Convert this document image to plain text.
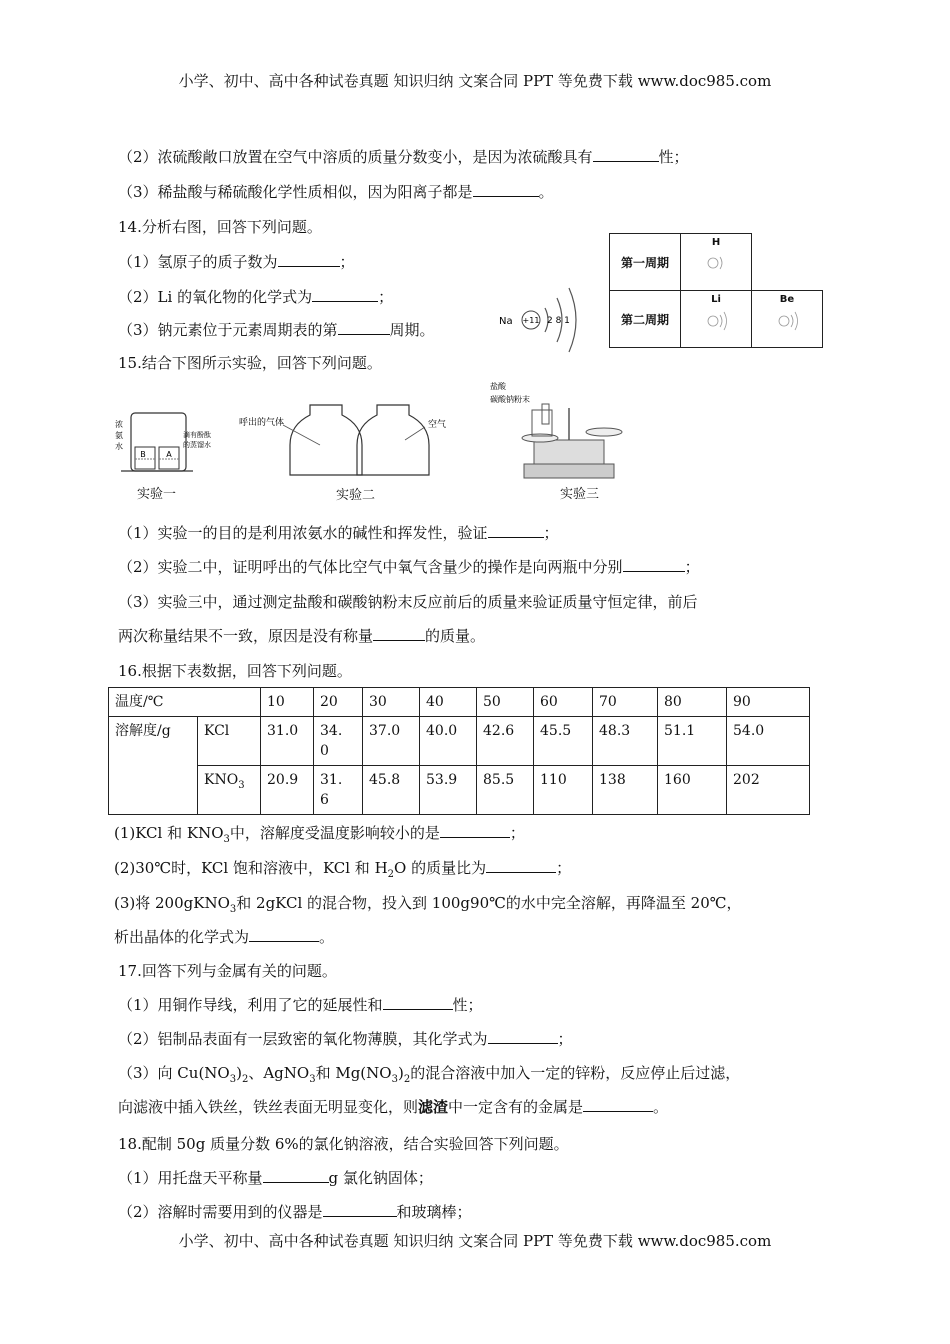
小学、初中、高中各种试卷真题 知识归纳 文案合同 PPT 等免费下载 www.doc985.com
（2）浓硫酸敞口放置在空气中溶质的质量分数变小，是因为浓硫酸具有	性；
（3）稀盐酸与稀硫酸化学性质相似，因为阳离子都是	。
14.分析右图，回答下列问题。
（1）氢原子的质子数为	；
（2）Li 的氧化物的化学式为	；
（3）钠元素位于元素周期表的第	周期。	Na +11 2 8 1
第一周期	H	

第二周期	Li	Be
15.结合下图所示实验，回答下列问题。
B	A
浓
氨
水
滴有酚酞
的蒸馏水
实验一
呼出的气体	空气
实验二
盐酸
碳酸钠粉末
实验三
（1）实验一的目的是利用浓氨水的碱性和挥发性，验证	；
（2）实验二中，证明呼出的气体比空气中氧气含量少的操作是向两瓶中分别	；
（3）实验三中，通过测定盐酸和碳酸钠粉末反应前后的质量来验证质量守恒定律，前后
两次称量结果不一致，原因是没有称量	的质量。
16.根据下表数据，回答下列问题。
温度/℃		10	20	30	40	50	60	70	80	90
溶解度/g	KCl	31.0	34.
0	37.0	40.0	42.6	45.5	48.3	51.1	54.0
	$KNO_3$	20.9	31.
6	45.8	53.9	85.5	110	138	160	202
(1)KCl 和 $KNO_3$中，溶解度受温度影响较小的是	；
(2)30℃时，KCl 饱和溶液中，KCl 和 $H_2O$ 的质量比为	；
(3)将 200gKNO$_3$和 2gKCl 的混合物，投入到 100g90℃的水中完全溶解，再降温至 20℃，
析出晶体的化学式为	。
17.回答下列与金属有关的问题。
（1）用铜作导线，利用了它的延展性和	性；
（2）铝制品表面有一层致密的氧化物薄膜，其化学式为	；
（3）向 $Cu(NO_3)_2$、AgNO$_3$和 $Mg(NO_3)_2$的混合溶液中加入一定的锌粉，反应停止后过滤，
向滤液中插入铁丝，铁丝表面无明显变化，则滤渣中一定含有的金属是	。
18.配制 50g 质量分数 6%的氯化钠溶液，结合实验回答下列问题。
（1）用托盘天平称量	g 氯化钠固体；
（2）溶解时需要用到的仪器是	和玻璃棒；
小学、初中、高中各种试卷真题 知识归纳 文案合同 PPT 等免费下载 www.doc985.com
